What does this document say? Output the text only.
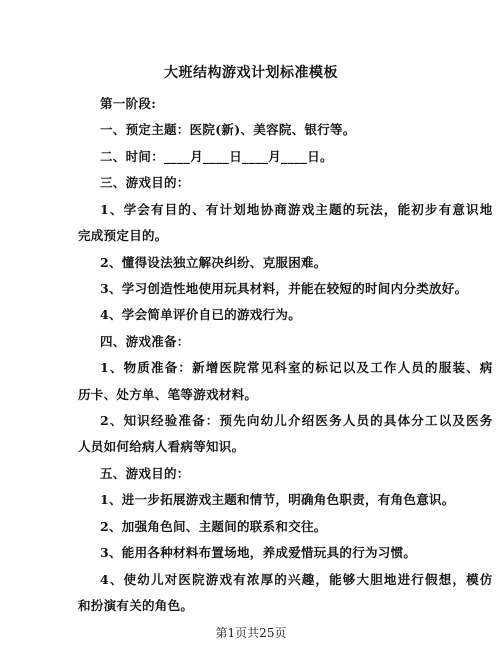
大班结构游戏计划标准模板
第一阶段:
一、预定主题：医院(新)、美容院、银行等。
二、时间：____月____日____月____日。
三、游戏目的：
1、学会有目的、有计划地协商游戏主题的玩法，能初步有意识地
完成预定目的。
2、懂得设法独立解决纠纷、克服困难。
3、学习创造性地使用玩具材料，并能在较短的时间内分类放好。
4、学会简单评价自已的游戏行为。
四、游戏准备：
1、物质准备：新增医院常见科室的标记以及工作人员的服装、病
历卡、处方单、笔等游戏材料。
2、知识经验准备：预先向幼儿介绍医务人员的具体分工以及医务
人员如何给病人看病等知识。
五、游戏目的：
1、进一步拓展游戏主题和情节，明确角色职责，有角色意识。
2、加强角色间、主题间的联系和交往。
3、能用各种材料布置场地，养成爱惜玩具的行为习惯。
4、使幼儿对医院游戏有浓厚的兴趣，能够大胆地进行假想，模仿
第1页共25页
和扮演有关的角色。
